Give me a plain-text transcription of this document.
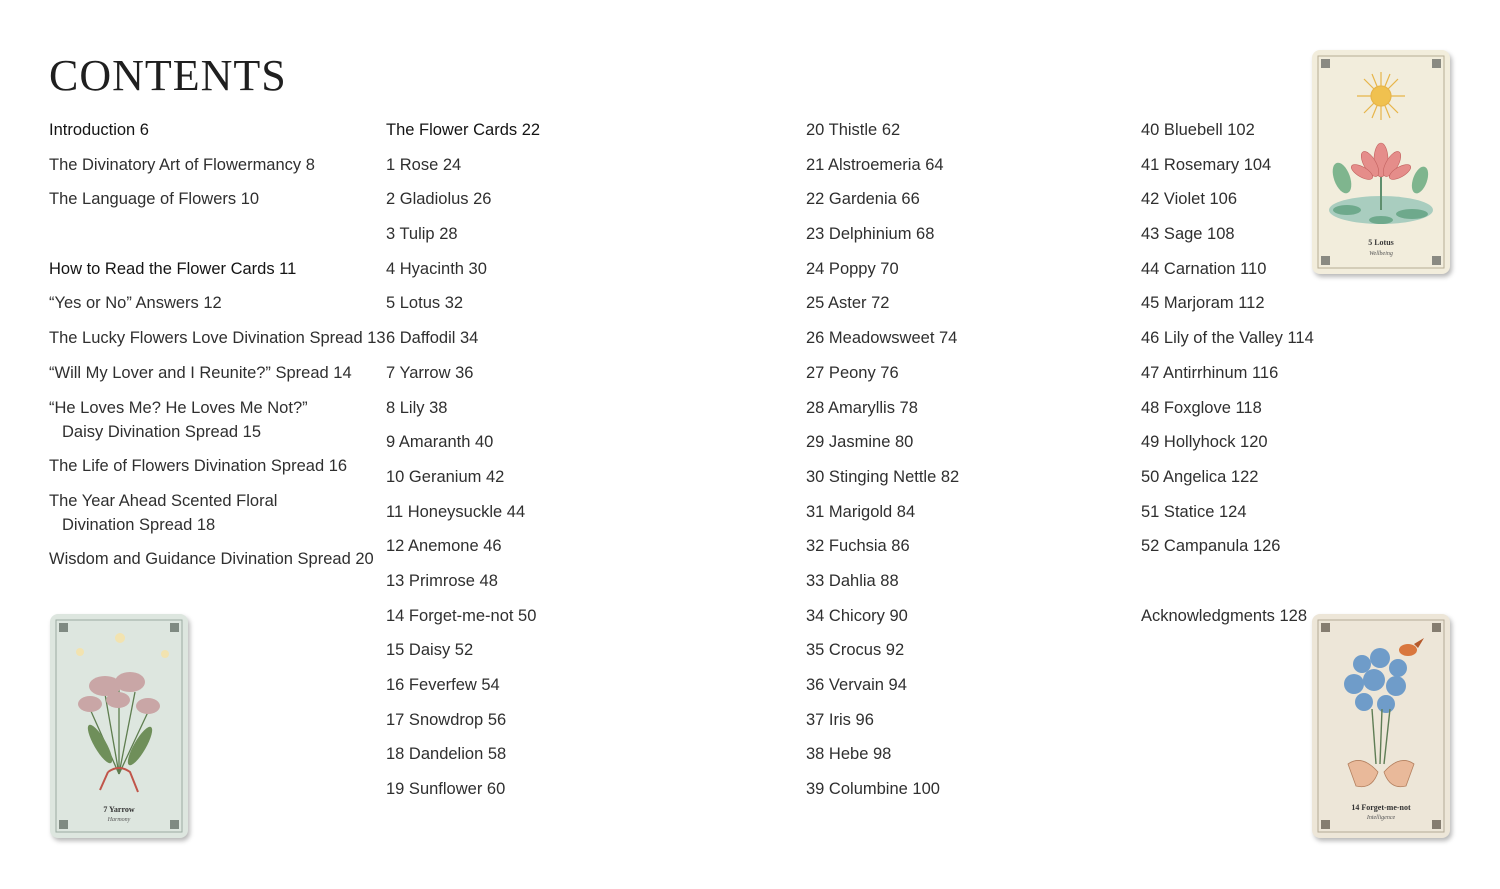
CONTENTS
Introduction 6
The Divinatory Art of Flowermancy 8
The Language of Flowers 10
How to Read the Flower Cards 11
“Yes or No” Answers 12
The Lucky Flowers Love Divination Spread 13
“Will My Lover and I Reunite?” Spread 14
“He Loves Me? He Loves Me Not?”
Daisy Divination Spread 15
The Life of Flowers Divination Spread 16
The Year Ahead Scented Floral
Divination Spread 18
Wisdom and Guidance Divination Spread 20
The Flower Cards 22
1 Rose 24
2 Gladiolus 26
3 Tulip 28
4 Hyacinth 30
5 Lotus 32
6 Daffodil 34
7 Yarrow 36
8 Lily 38
9 Amaranth 40
10 Geranium 42
11 Honeysuckle 44
12 Anemone 46
13 Primrose 48
14 Forget-me-not 50
15 Daisy 52
16 Feverfew 54
17 Snowdrop 56
18 Dandelion 58
19 Sunflower 60
20 Thistle 62
21 Alstroemeria 64
22 Gardenia 66
23 Delphinium 68
24 Poppy 70
25 Aster 72
26 Meadowsweet 74
27 Peony 76
28 Amaryllis 78
29 Jasmine 80
30 Stinging Nettle 82
31 Marigold 84
32 Fuchsia 86
33 Dahlia 88
34 Chicory 90
35 Crocus 92
36 Vervain 94
37 Iris 96
38 Hebe 98
39 Columbine 100
40 Bluebell 102
41 Rosemary 104
42 Violet 106
43 Sage 108
44 Carnation 110
45 Marjoram 112
46 Lily of the Valley 114
47 Antirrhinum 116
48 Foxglove 118
49 Hollyhock 120
50 Angelica 122
51 Statice 124
52 Campanula 126
Acknowledgments 128
5 Lotus
Wellbeing
7 Yarrow
Harmony
14 Forget-me-not
Intelligence
